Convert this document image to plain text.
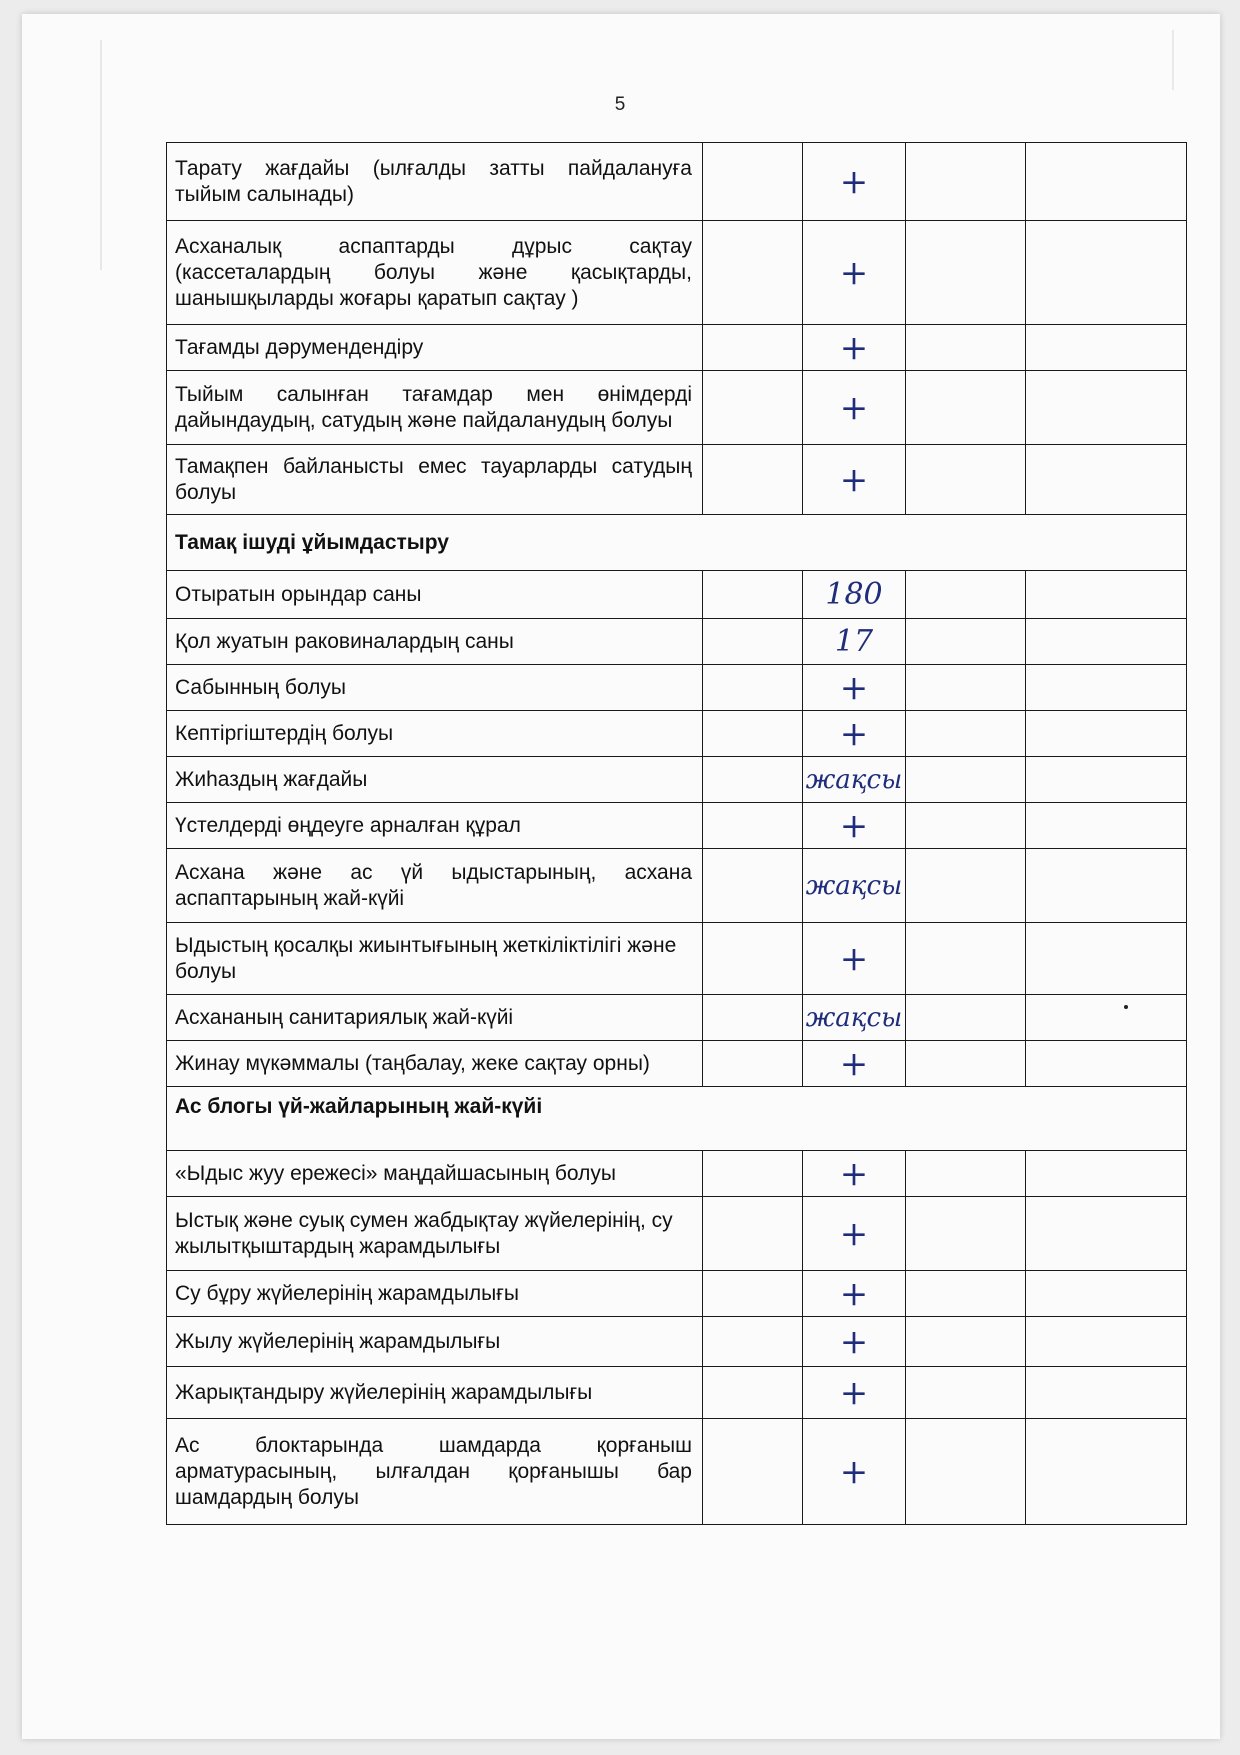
5
Тарату жағдайы (ылғалды затты пайдалануға тыйым салынады)		+		
Асханалық аспаптарды дұрыс сақтау (кассеталардың болуы және қасықтарды, шанышқыларды жоғары қаратып сақтау )		+		
Тағамды дәрумендендіру		+		
Тыйым салынған тағамдар мен өнімдерді дайындаудың, сатудың және пайдаланудың болуы		+		
Тамақпен байланысты емес тауарларды сатудың болуы		+		
Тамақ ішуді ұйымдастыру				
Отыратын орындар саны		180		
Қол жуатын раковиналардың саны		17		
Сабынның болуы		+		
Кептіргіштердің болуы		+		
Жиһаздың жағдайы		жақсы		
Үстелдерді өңдеуге арналған құрал		+		
Асхана және ас үй ыдыстарының, асхана аспаптарының жай-күйі		жақсы		
Ыдыстың қосалқы жиынтығының жеткіліктілігі және болуы		+		
Асхананың санитариялық жай-күйі		жақсы		
Жинау мүкәммалы (таңбалау, жеке сақтау орны)		+		
Ас блогы үй-жайларының жай-күйі				
«Ыдыс жуу ережесі» маңдайшасының болуы		+		
Ыстық және суық сумен жабдықтау жүйелерінің, су жылытқыштардың жарамдылығы		+		
Су бұру жүйелерінің жарамдылығы		+		
Жылу жүйелерінің жарамдылығы		+		
Жарықтандыру жүйелерінің жарамдылығы		+		
Ас блоктарында шамдарда қорғаныш арматурасының, ылғалдан қорғанышы бар шамдардың болуы		+		
